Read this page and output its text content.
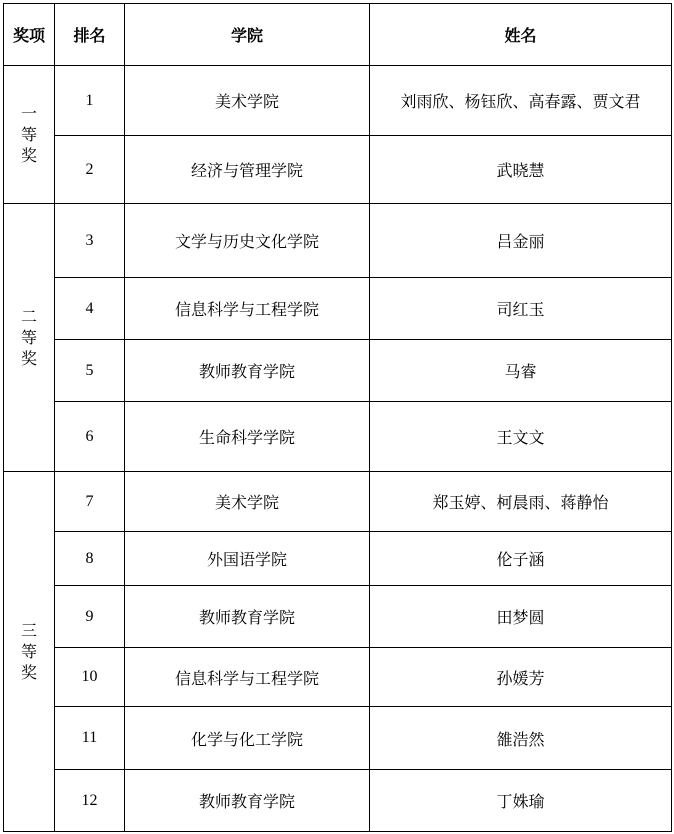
奖项	排名	学院	姓名
一等奖	1	美术学院	刘雨欣、杨钰欣、高春露、贾文君
	2	经济与管理学院	武晓慧
二等奖	3	文学与历史文化学院	吕金丽
	4	信息科学与工程学院	司红玉
	5	教师教育学院	马睿
	6	生命科学学院	王文文
三等奖	7	美术学院	郑玉婷、柯晨雨、蒋静怡
	8	外国语学院	伦子涵
	9	教师教育学院	田梦圆
	10	信息科学与工程学院	孙媛芳
	11	化学与化工学院	雒浩然
	12	教师教育学院	丁姝瑜
